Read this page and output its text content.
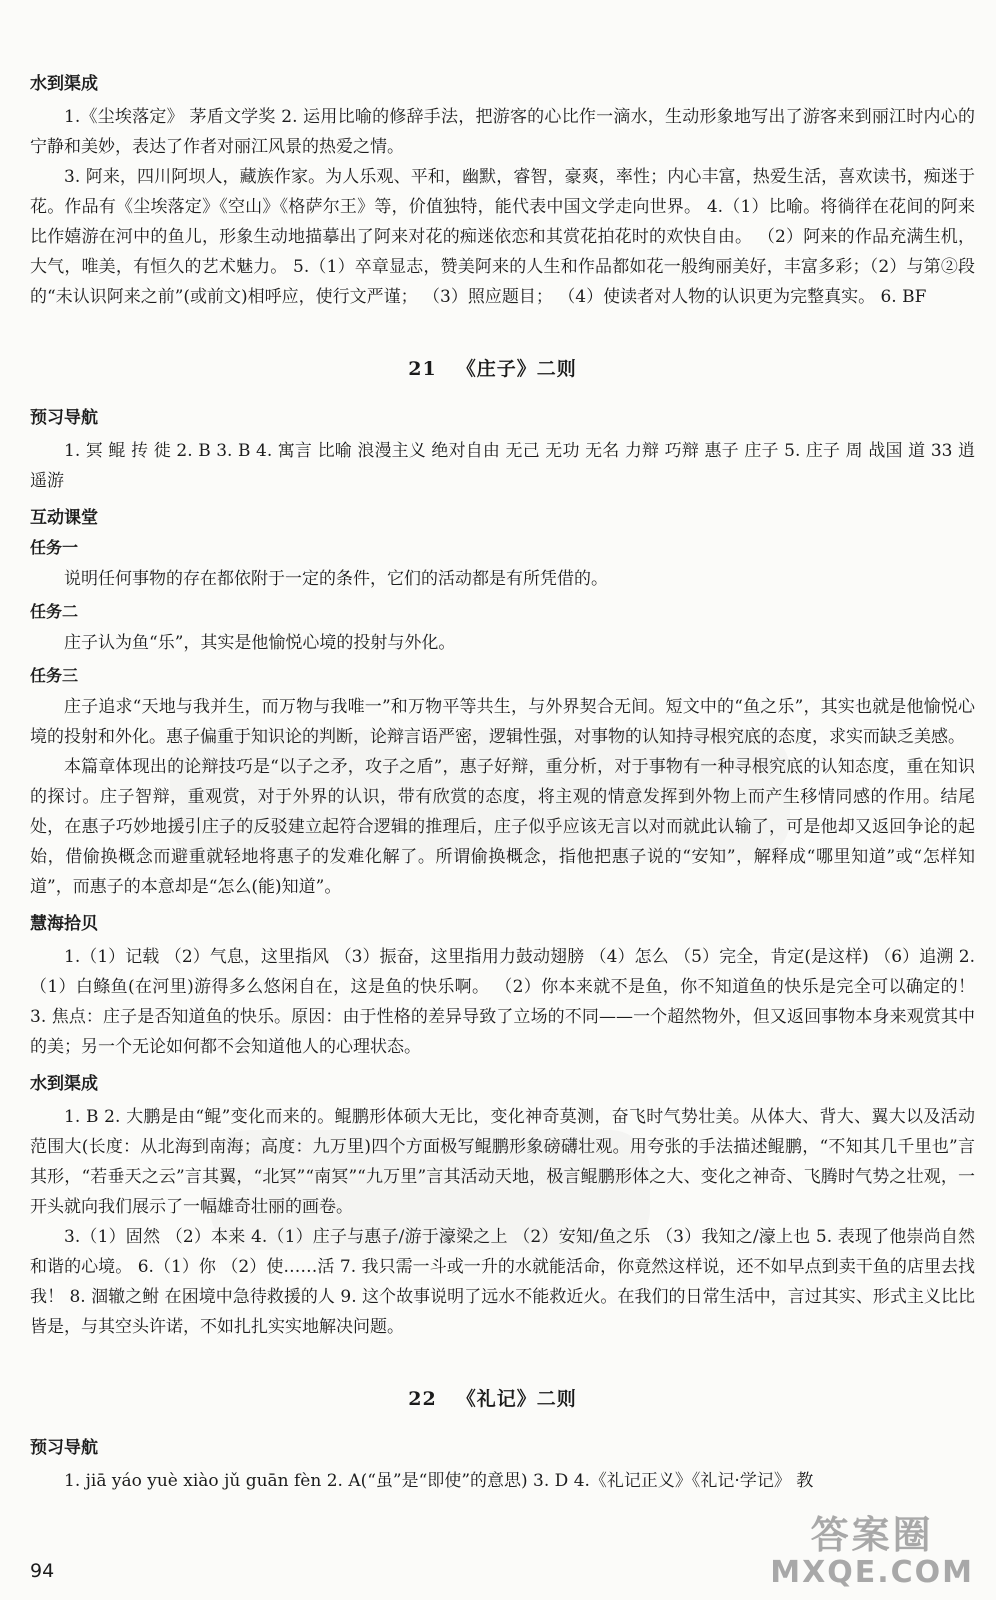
水到渠成

1.《尘埃落定》 茅盾文学奖 2. 运用比喻的修辞手法，把游客的心比作一滴水，生动形象地写出了游客来到丽江时内心的宁静和美妙，表达了作者对丽江风景的热爱之情。

3. 阿来，四川阿坝人，藏族作家。为人乐观、平和，幽默，睿智，豪爽，率性；内心丰富，热爱生活，喜欢读书，痴迷于花。作品有《尘埃落定》《空山》《格萨尔王》等，价值独特，能代表中国文学走向世界。 4.（1）比喻。将徜徉在花间的阿来比作嬉游在河中的鱼儿，形象生动地描摹出了阿来对花的痴迷依恋和其赏花拍花时的欢快自由。 （2）阿来的作品充满生机，大气，唯美，有恒久的艺术魅力。 5.（1）卒章显志，赞美阿来的人生和作品都如花一般绚丽美好，丰富多彩；（2）与第②段的“未认识阿来之前”(或前文)相呼应，使行文严谨； （3）照应题目； （4）使读者对人物的认识更为完整真实。 6. BF

21 《庄子》二则
预习导航

1. 冥 鲲 抟 徙 2. B 3. B 4. 寓言 比喻 浪漫主义 绝对自由 无己 无功 无名 力辩 巧辩 惠子 庄子 5. 庄子 周 战国 道 33 逍遥游

互动课堂
任务一

说明任何事物的存在都依附于一定的条件，它们的活动都是有所凭借的。

任务二

庄子认为鱼“乐”，其实是他愉悦心境的投射与外化。

任务三

庄子追求“天地与我并生，而万物与我唯一”和万物平等共生，与外界契合无间。短文中的“鱼之乐”，其实也就是他愉悦心境的投射和外化。惠子偏重于知识论的判断，论辩言语严密，逻辑性强，对事物的认知持寻根究底的态度，求实而缺乏美感。

本篇章体现出的论辩技巧是“以子之矛，攻子之盾”，惠子好辩，重分析，对于事物有一种寻根究底的认知态度，重在知识的探讨。庄子智辩，重观赏，对于外界的认识，带有欣赏的态度，将主观的情意发挥到外物上而产生移情同感的作用。结尾处，在惠子巧妙地援引庄子的反驳建立起符合逻辑的推理后，庄子似乎应该无言以对而就此认输了，可是他却又返回争论的起始，借偷换概念而避重就轻地将惠子的发难化解了。所谓偷换概念，指他把惠子说的“安知”，解释成“哪里知道”或“怎样知道”，而惠子的本意却是“怎么(能)知道”。

慧海拾贝

1.（1）记载 （2）气息，这里指风 （3）振奋，这里指用力鼓动翅膀 （4）怎么 （5）完全，肯定(是这样) （6）追溯 2.（1）白鲦鱼(在河里)游得多么悠闲自在，这是鱼的快乐啊。 （2）你本来就不是鱼，你不知道鱼的快乐是完全可以确定的！ 3. 焦点：庄子是否知道鱼的快乐。原因：由于性格的差异导致了立场的不同——一个超然物外，但又返回事物本身来观赏其中的美；另一个无论如何都不会知道他人的心理状态。

水到渠成

1. B 2. 大鹏是由“鲲”变化而来的。鲲鹏形体硕大无比，变化神奇莫测，奋飞时气势壮美。从体大、背大、翼大以及活动范围大(长度：从北海到南海；高度：九万里)四个方面极写鲲鹏形象磅礴壮观。用夸张的手法描述鲲鹏，“不知其几千里也”言其形，“若垂天之云”言其翼，“北冥”“南冥”“九万里”言其活动天地，极言鲲鹏形体之大、变化之神奇、飞腾时气势之壮观，一开头就向我们展示了一幅雄奇壮丽的画卷。

3.（1）固然 （2）本来 4.（1）庄子与惠子/游于濠梁之上 （2）安知/鱼之乐 （3）我知之/濠上也 5. 表现了他崇尚自然和谐的心境。 6.（1）你 （2）使……活 7. 我只需一斗或一升的水就能活命，你竟然这样说，还不如早点到卖干鱼的店里去找我！ 8. 涸辙之鲋 在困境中急待救援的人 9. 这个故事说明了远水不能救近火。在我们的日常生活中，言过其实、形式主义比比皆是，与其空头许诺，不如扎扎实实地解决问题。

22 《礼记》二则
预习导航

1. jiā yáo yuè xiào jǔ guān fèn 2. A(“虽”是“即使”的意思) 3. D 4.《礼记正义》《礼记·学记》 教

94
答案圈
MXQE.COM
